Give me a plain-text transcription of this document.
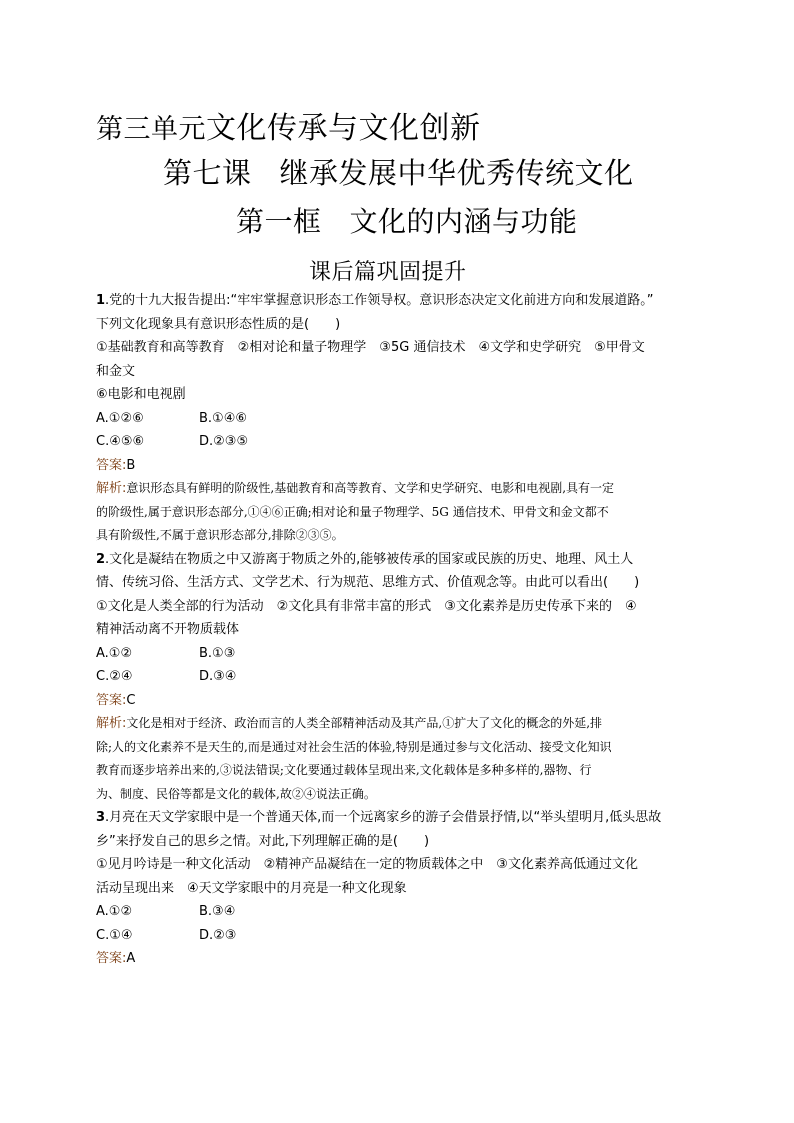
第三单元文化传承与文化创新
第七课 继承发展中华优秀传统文化
第一框 文化的内涵与功能
课后篇巩固提升
1.党的十九大报告提出:“牢牢掌握意识形态工作领导权。意识形态决定文化前进方向和发展道路。”
下列文化现象具有意识形态性质的是(　　)
①基础教育和高等教育　②相对论和量子物理学　③5G 通信技术　④文学和史学研究　⑤甲骨文
和金文
⑥电影和电视剧
A.①②⑥	B.①④⑥
C.④⑤⑥	D.②③⑤
答案:B
解析:意识形态具有鲜明的阶级性,基础教育和高等教育、文学和史学研究、电影和电视剧,具有一定
的阶级性,属于意识形态部分,①④⑥正确;相对论和量子物理学、5G 通信技术、甲骨文和金文都不
具有阶级性,不属于意识形态部分,排除②③⑤。
2.文化是凝结在物质之中又游离于物质之外的,能够被传承的国家或民族的历史、地理、风土人
情、传统习俗、生活方式、文学艺术、行为规范、思维方式、价值观念等。由此可以看出(　　)
①文化是人类全部的行为活动　②文化具有非常丰富的形式　③文化素养是历史传承下来的　④
精神活动离不开物质载体
A.①②	B.①③
C.②④	D.③④
答案:C
解析:文化是相对于经济、政治而言的人类全部精神活动及其产品,①扩大了文化的概念的外延,排
除;人的文化素养不是天生的,而是通过对社会生活的体验,特别是通过参与文化活动、接受文化知识
教育而逐步培养出来的,③说法错误;文化要通过载体呈现出来,文化载体是多种多样的,器物、行
为、制度、民俗等都是文化的载体,故②④说法正确。
3.月亮在天文学家眼中是一个普通天体,而一个远离家乡的游子会借景抒情,以“举头望明月,低头思故
乡”来抒发自己的思乡之情。对此,下列理解正确的是(　　)
①见月吟诗是一种文化活动　②精神产品凝结在一定的物质载体之中　③文化素养高低通过文化
活动呈现出来　④天文学家眼中的月亮是一种文化现象
A.①②	B.③④
C.①④	D.②③
答案:A
